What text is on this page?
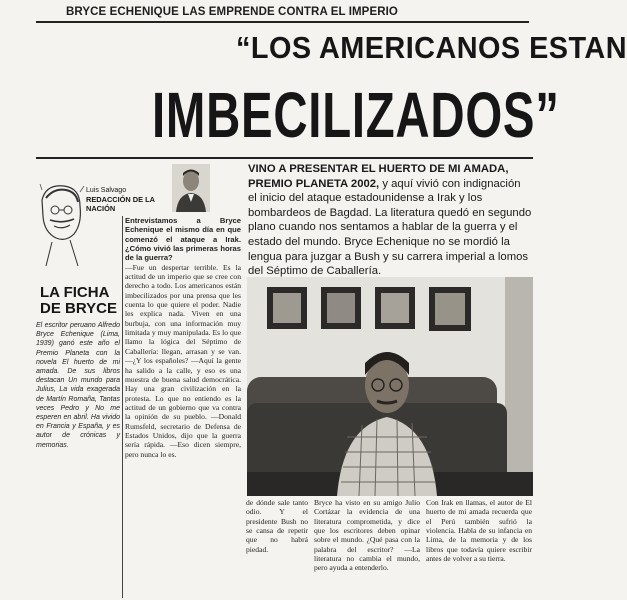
BRYCE ECHENIQUE LAS EMPRENDE CONTRA EL IMPERIO
“LOS AMERICANOS ESTAN
IMBECILIZADOS”
Luis Salvago
REDACCIÓN DE LA NACIÓN
VINO A PRESENTAR EL HUERTO DE MI AMADA, PREMIO PLANETA 2002, y aquí vivió con indignación el inicio del ataque estadounidense a Irak y los bombardeos de Bagdad. La literatura quedó en segundo plano cuando nos sentamos a hablar de la guerra y el estado del mundo. Bryce Echenique no se mordió la lengua para juzgar a Bush y su carrera imperial a lomos del Séptimo de Caballería.
LA FICHA DE BRYCE
El escritor peruano Alfredo Bryce Echenique (Lima, 1939) ganó este año el Premio Planeta con la novela El huerto de mi amada. De sus libros destacan Un mundo para Julius, La vida exagerada de Martín Romaña, Tantas veces Pedro y No me esperen en abril. Ha vivido en Francia y España, y es autor de crónicas y memorias.

Entrevistamos a Bryce Echenique el mismo día en que comenzó el ataque a Irak. ¿Cómo vivió las primeras horas de la guerra?

—Fue un despertar terrible. Es la actitud de un imperio que se cree con derecho a todo. Los americanos están imbecilizados por una prensa que les cuenta lo que quiere el poder. Nadie les explica nada. Viven en una burbuja, con una información muy limitada y muy manipulada. Es lo que llamo la lógica del Séptimo de Caballería: llegan, arrasan y se van. —¿Y los españoles? —Aquí la gente ha salido a la calle, y eso es una muestra de buena salud democrática. Hay una gran civilización en la protesta. Lo que no entiendo es la actitud de un gobierno que va contra la opinión de su pueblo. —Donald Rumsfeld, secretario de Defensa de Estados Unidos, dijo que la guerra sería rápida. —Eso dicen siempre, pero nunca lo es.

de dónde sale tanto odio. Y el presidente Bush no se cansa de repetir que no habrá piedad.
Bryce ha visto en su amigo Julio Cortázar la evidencia de una literatura comprometida, y dice que los escritores deben opinar sobre el mundo. ¿Qué pasa con la palabra del escritor? —La literatura no cambia el mundo, pero ayuda a entenderlo.
Con Irak en llamas, el autor de El huerto de mi amada recuerda que el Perú también sufrió la violencia. Habla de su infancia en Lima, de la memoria y de los libros que todavía quiere escribir antes de volver a su tierra.
